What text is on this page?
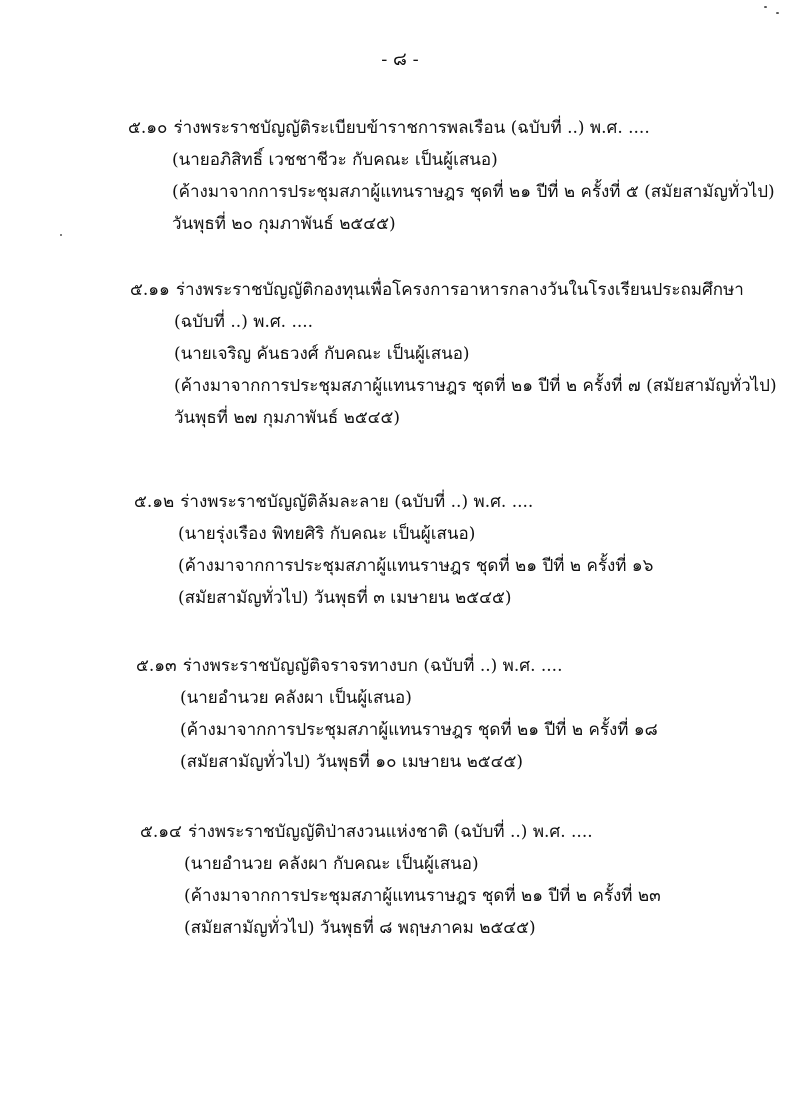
- ๘ -
๕.๑๐ ร่างพระราชบัญญัติระเบียบข้าราชการพลเรือน (ฉบับที่ ..) พ.ศ. ....
(นายอภิสิทธิ์ เวชชาชีวะ กับคณะ เป็นผู้เสนอ)
(ค้างมาจากการประชุมสภาผู้แทนราษฎร ชุดที่ ๒๑ ปีที่ ๒ ครั้งที่ ๕ (สมัยสามัญทั่วไป)
วันพุธที่ ๒๐ กุมภาพันธ์ ๒๕๔๕)
๕.๑๑ ร่างพระราชบัญญัติกองทุนเพื่อโครงการอาหารกลางวันในโรงเรียนประถมศึกษา
(ฉบับที่ ..) พ.ศ. ....
(นายเจริญ คันธวงศ์ กับคณะ เป็นผู้เสนอ)
(ค้างมาจากการประชุมสภาผู้แทนราษฎร ชุดที่ ๒๑ ปีที่ ๒ ครั้งที่ ๗ (สมัยสามัญทั่วไป)
วันพุธที่ ๒๗ กุมภาพันธ์ ๒๕๔๕)
๕.๑๒ ร่างพระราชบัญญัติล้มละลาย (ฉบับที่ ..) พ.ศ. ....
(นายรุ่งเรือง พิทยศิริ กับคณะ เป็นผู้เสนอ)
(ค้างมาจากการประชุมสภาผู้แทนราษฎร ชุดที่ ๒๑ ปีที่ ๒ ครั้งที่ ๑๖
(สมัยสามัญทั่วไป) วันพุธที่ ๓ เมษายน ๒๕๔๕)
๕.๑๓ ร่างพระราชบัญญัติจราจรทางบก (ฉบับที่ ..) พ.ศ. ....
(นายอำนวย คลังผา เป็นผู้เสนอ)
(ค้างมาจากการประชุมสภาผู้แทนราษฎร ชุดที่ ๒๑ ปีที่ ๒ ครั้งที่ ๑๘
(สมัยสามัญทั่วไป) วันพุธที่ ๑๐ เมษายน ๒๕๔๕)
๕.๑๔ ร่างพระราชบัญญัติป่าสงวนแห่งชาติ (ฉบับที่ ..) พ.ศ. ....
(นายอำนวย คลังผา กับคณะ เป็นผู้เสนอ)
(ค้างมาจากการประชุมสภาผู้แทนราษฎร ชุดที่ ๒๑ ปีที่ ๒ ครั้งที่ ๒๓
(สมัยสามัญทั่วไป) วันพุธที่ ๘ พฤษภาคม ๒๕๔๕)
